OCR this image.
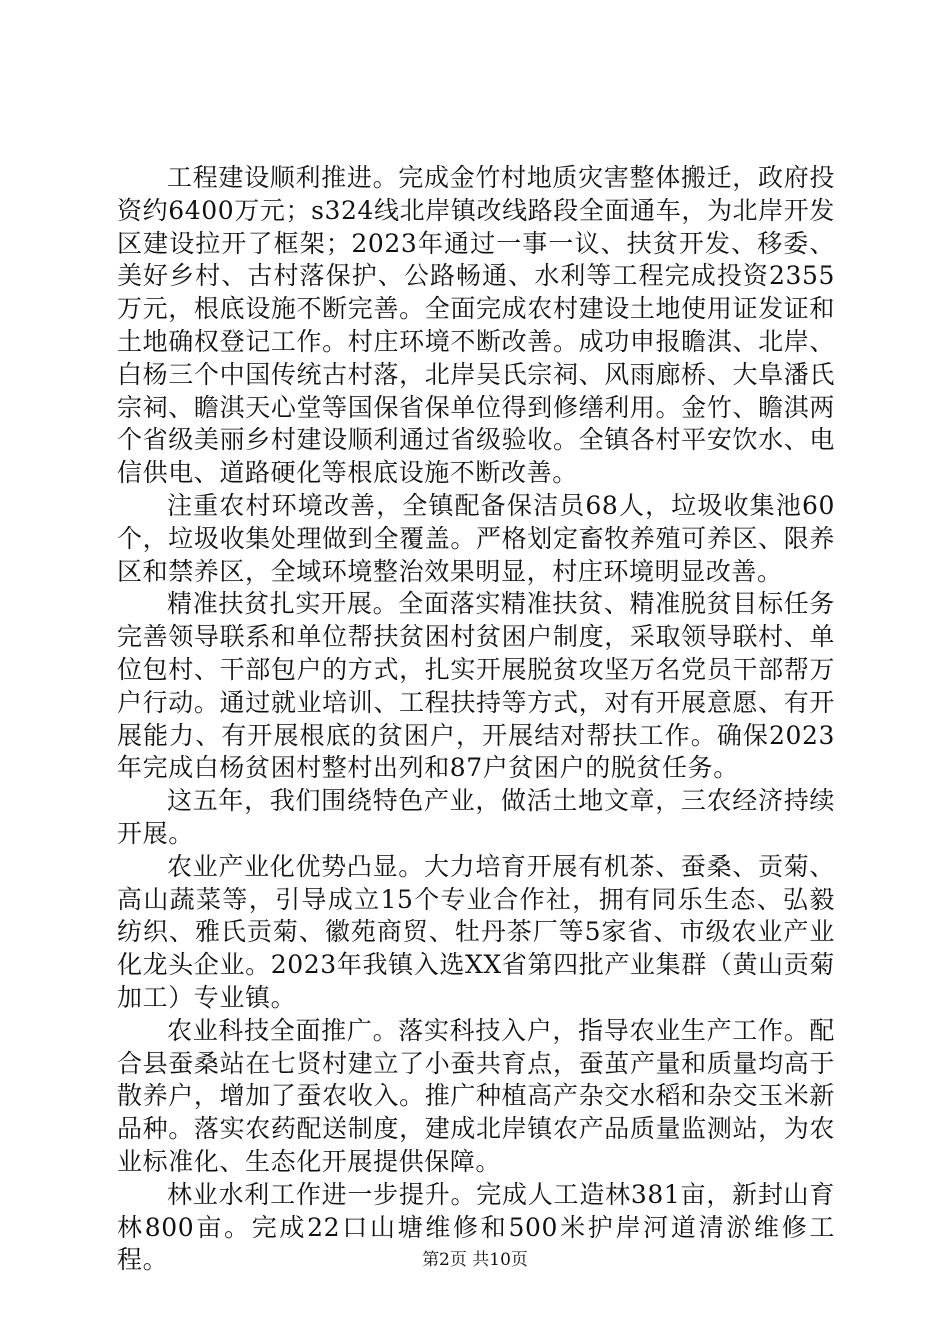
工程建设顺利推进。完成金竹村地质灾害整体搬迁，政府投资约6400万元；s324线北岸镇改线路段全面通车，为北岸开发区建设拉开了框架；2023年通过一事一议、扶贫开发、移委、美好乡村、古村落保护、公路畅通、水利等工程完成投资2355万元，根底设施不断完善。全面完成农村建设土地使用证发证和土地确权登记工作。村庄环境不断改善。成功申报瞻淇、北岸、白杨三个中国传统古村落，北岸吴氏宗祠、风雨廊桥、大阜潘氏宗祠、瞻淇天心堂等国保省保单位得到修缮利用。金竹、瞻淇两个省级美丽乡村建设顺利通过省级验收。全镇各村平安饮水、电信供电、道路硬化等根底设施不断改善。

注重农村环境改善，全镇配备保洁员68人，垃圾收集池60个，垃圾收集处理做到全覆盖。严格划定畜牧养殖可养区、限养区和禁养区，全域环境整治效果明显，村庄环境明显改善。

精准扶贫扎实开展。全面落实精准扶贫、精准脱贫目标任务完善领导联系和单位帮扶贫困村贫困户制度，采取领导联村、单位包村、干部包户的方式，扎实开展脱贫攻坚万名党员干部帮万户行动。通过就业培训、工程扶持等方式，对有开展意愿、有开展能力、有开展根底的贫困户，开展结对帮扶工作。确保2023年完成白杨贫困村整村出列和87户贫困户的脱贫任务。

这五年，我们围绕特色产业，做活土地文章，三农经济持续开展。

农业产业化优势凸显。大力培育开展有机茶、蚕桑、贡菊、高山蔬菜等，引导成立15个专业合作社，拥有同乐生态、弘毅纺织、雅氏贡菊、徽苑商贸、牡丹茶厂等5家省、市级农业产业化龙头企业。2023年我镇入选XX省第四批产业集群（黄山贡菊加工）专业镇。

农业科技全面推广。落实科技入户，指导农业生产工作。配合县蚕桑站在七贤村建立了小蚕共育点，蚕茧产量和质量均高于散养户，增加了蚕农收入。推广种植高产杂交水稻和杂交玉米新品种。落实农药配送制度，建成北岸镇农产品质量监测站，为农业标准化、生态化开展提供保障。

林业水利工作进一步提升。完成人工造林381亩，新封山育林800亩。完成22口山塘维修和500米护岸河道清淤维修工程。	第2页 共10页
